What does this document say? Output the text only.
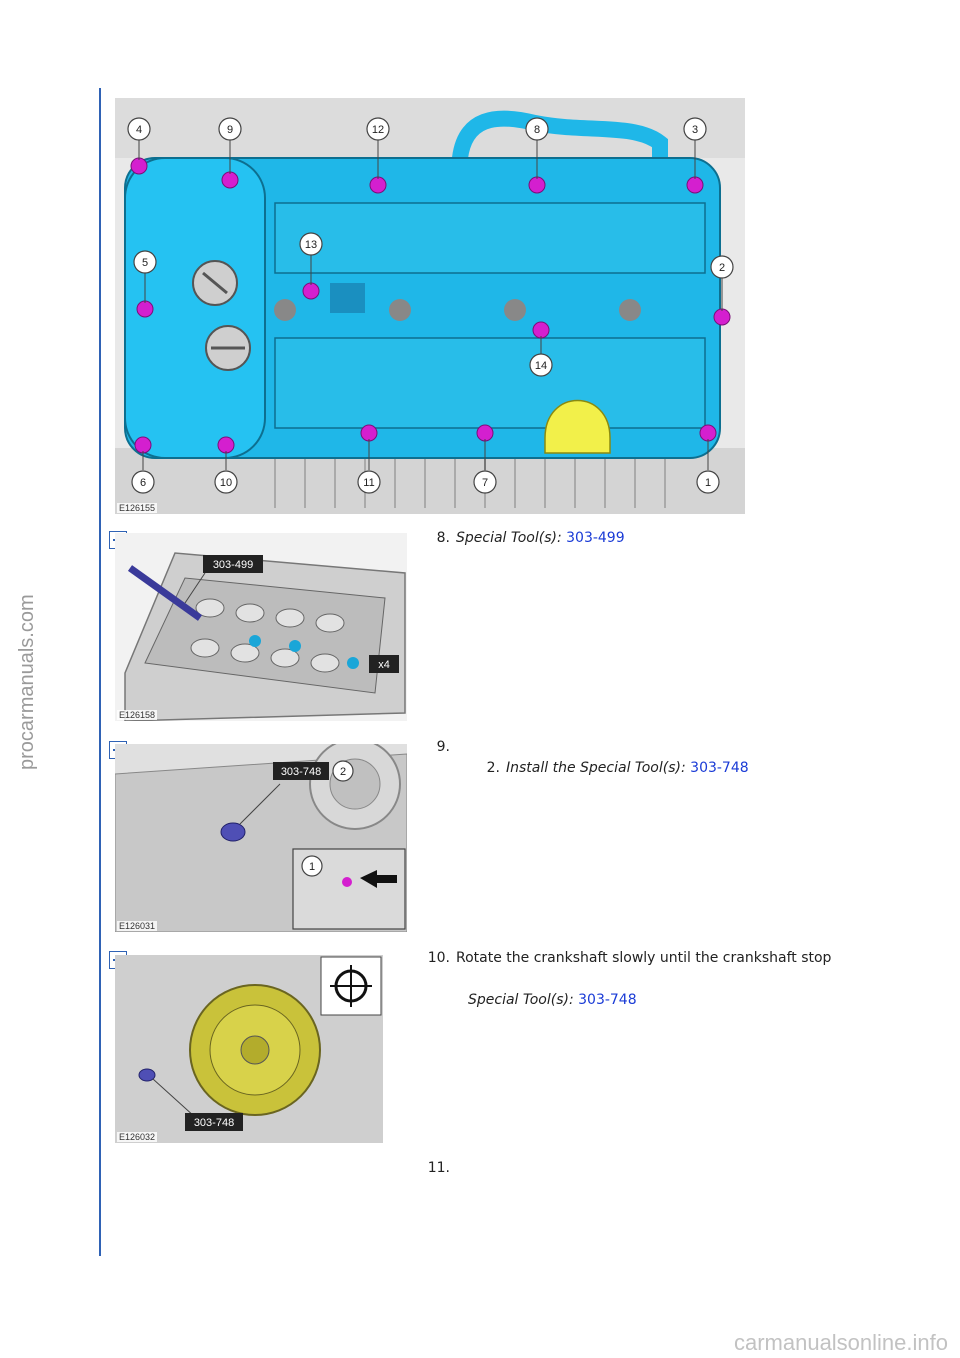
procarmanuals.com
4	9	12	8	3
13
5	2
14
6	10	11	7	1
E126155
303-499
x4
E126158
8. Special Tool(s): 303-499
303-748 2
1
E126031
9.
2. Install the Special Tool(s): 303-748
303-748
E126032
10. Rotate the crankshaft slowly until the crankshaft stop
Special Tool(s): 303-748
11.
carmanualsonline.info
